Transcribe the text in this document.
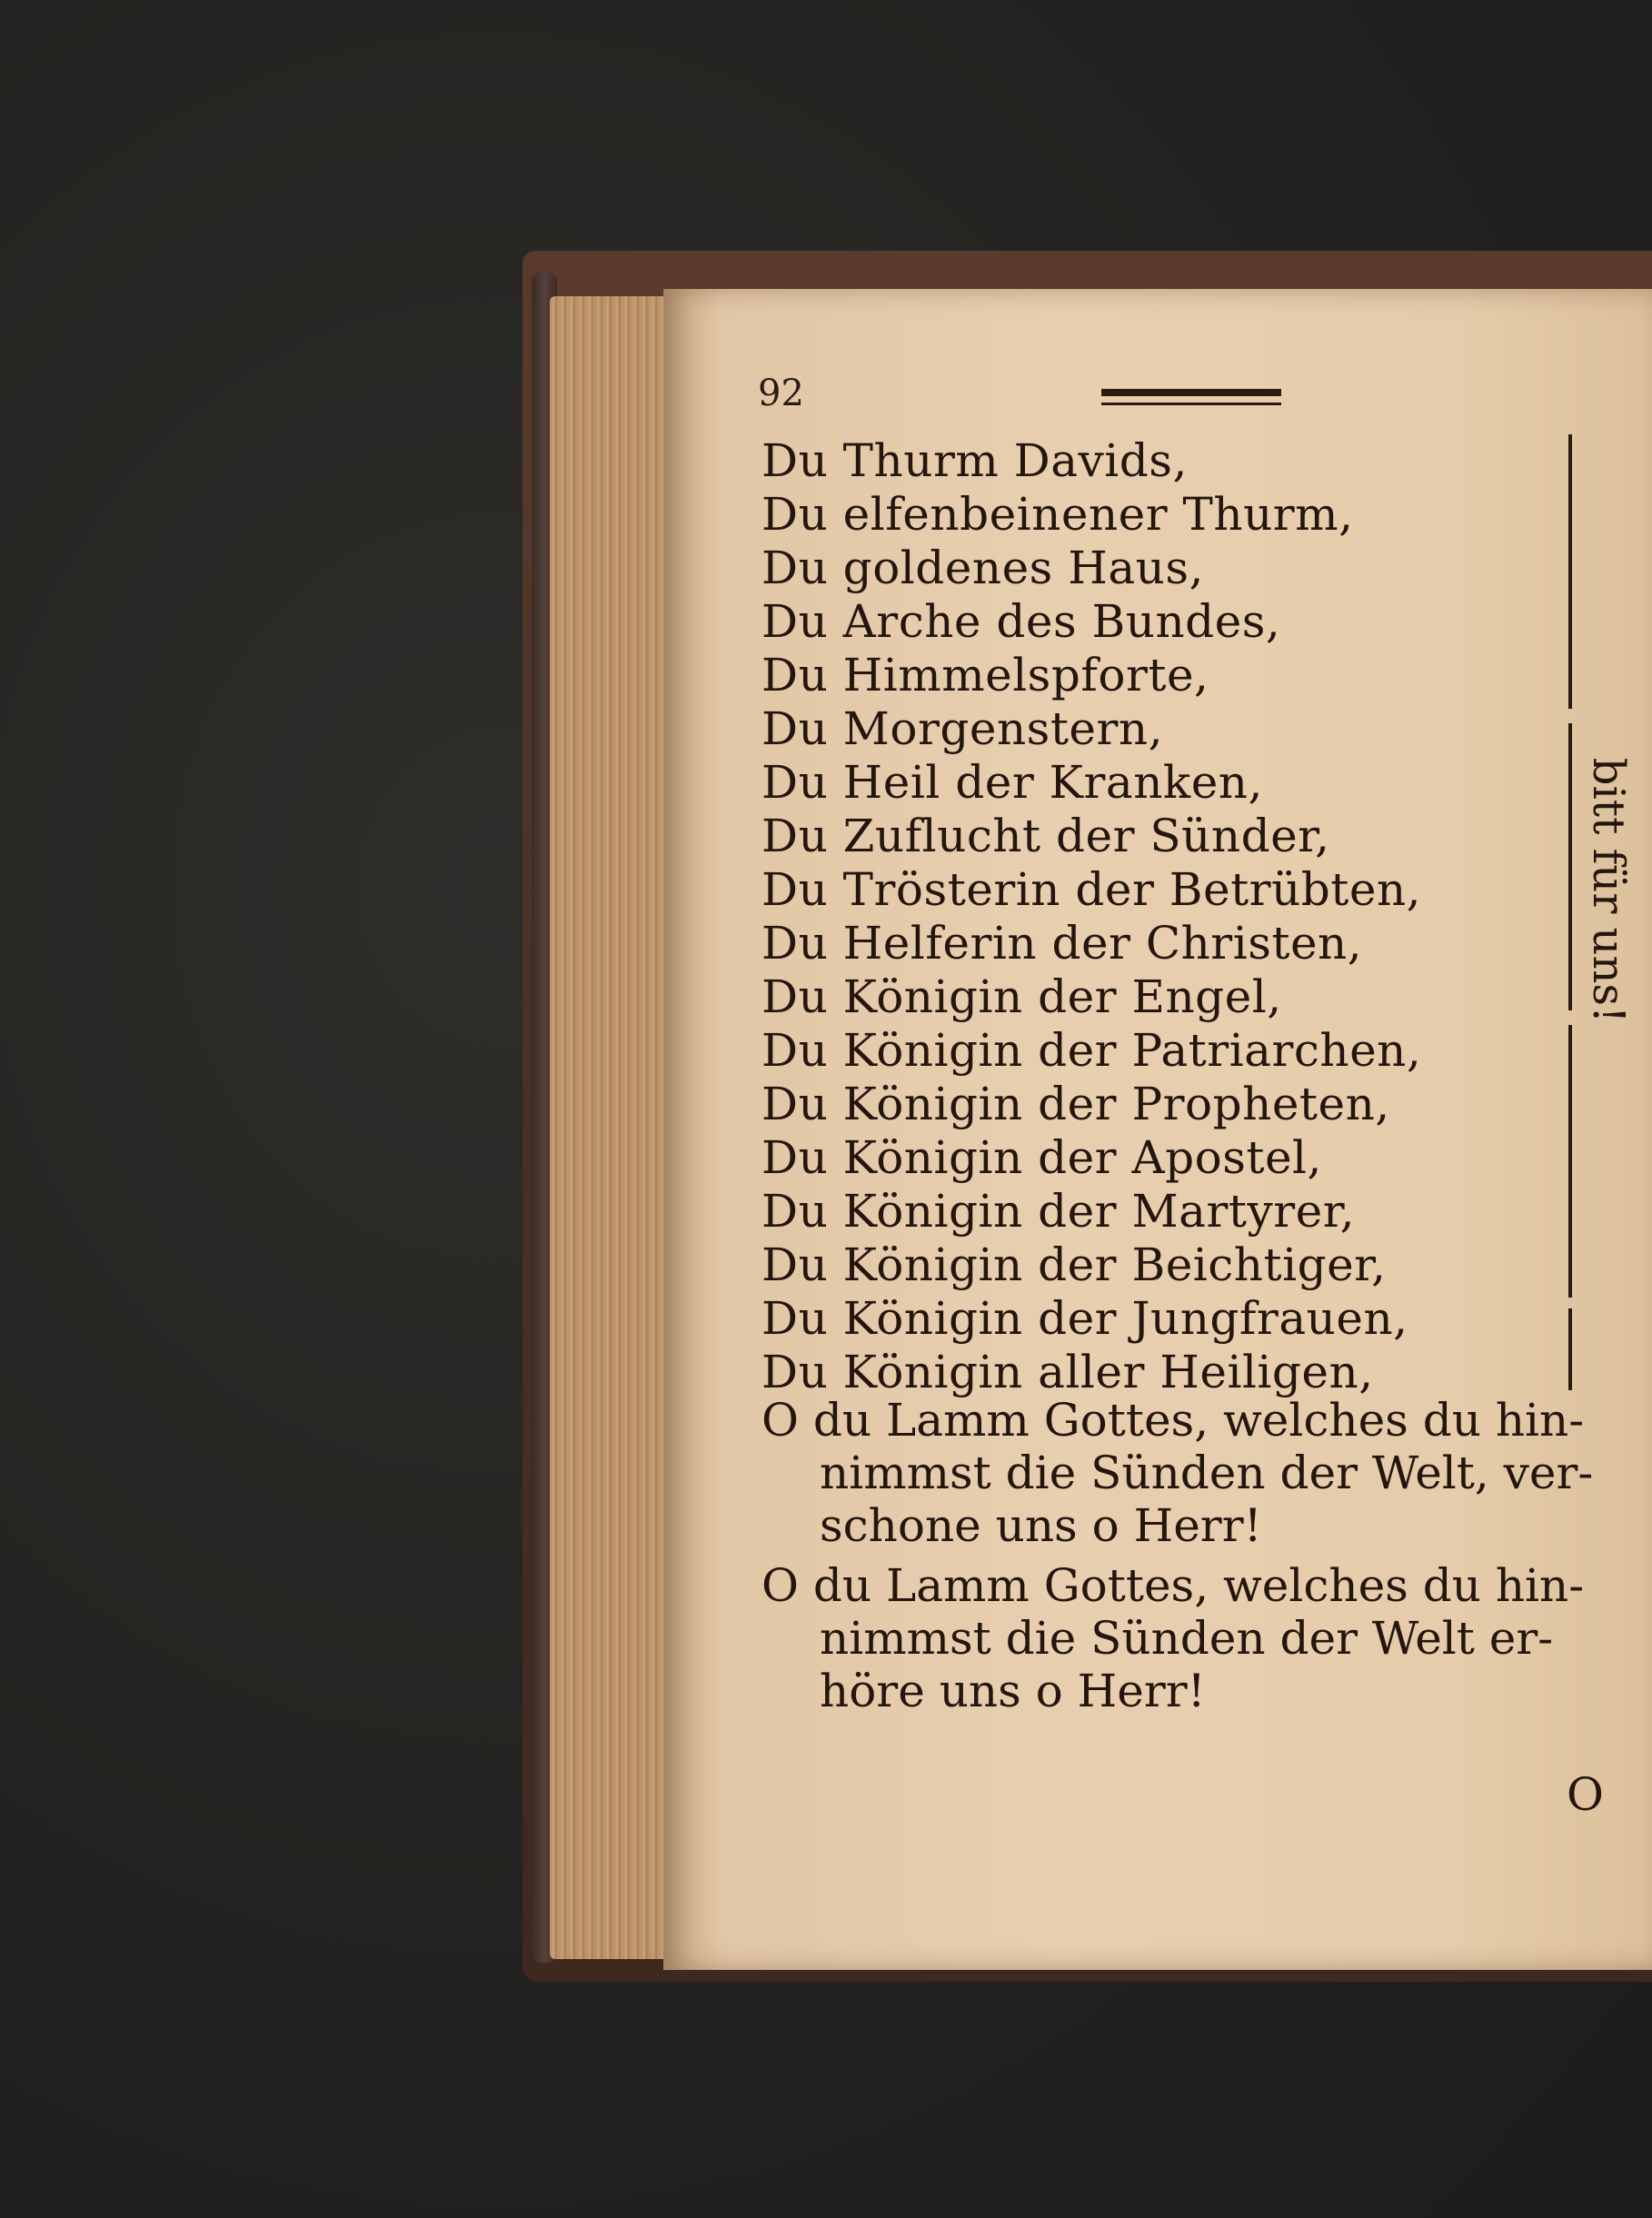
92
Du Thurm Davids,
Du elfenbeinener Thurm,
Du goldenes Haus,
Du Arche des Bundes,
Du Himmelspforte,
Du Morgenstern,
Du Heil der Kranken,
Du Zuflucht der Sünder,
Du Trösterin der Betrübten,
Du Helferin der Christen,
Du Königin der Engel,
Du Königin der Patriarchen,
Du Königin der Propheten,
Du Königin der Apostel,
Du Königin der Martyrer,
Du Königin der Beichtiger,
Du Königin der Jungfrauen,
Du Königin aller Heiligen,
bitt für uns!

O du Lamm Gottes, welches du hin-
nimmst die Sünden der Welt, ver-
schone uns o Herr!

O du Lamm Gottes, welches du hin-
nimmst die Sünden der Welt er-
höre uns o Herr!

O
